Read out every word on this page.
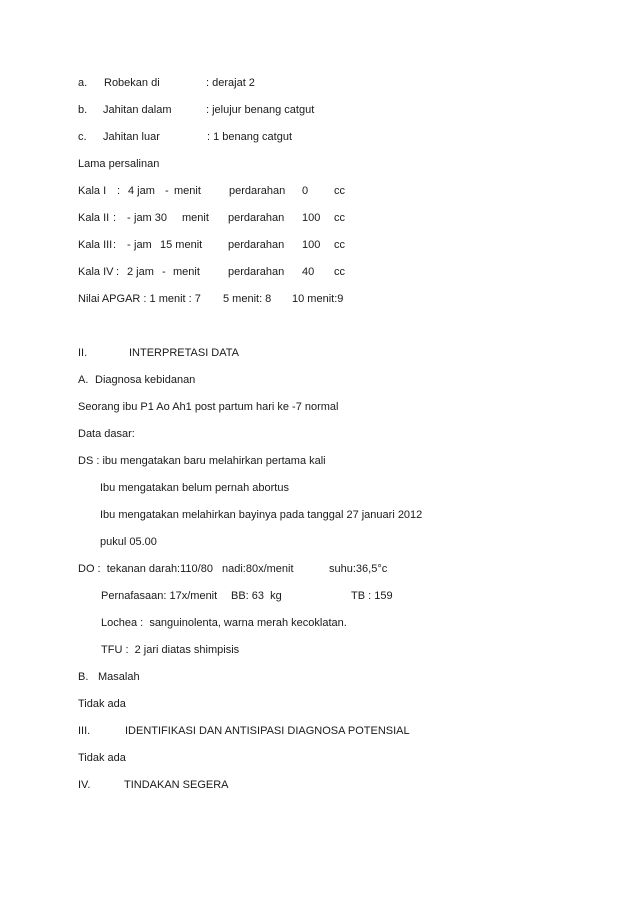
a. Robekan di	: derajat 2
b. Jahitan dalam	: jelujur benang catgut
c. Jahitan luar	: 1 benang catgut
Lama persalinan
Kala I : 4 jam - menit	perdarahan 0 cc
Kala II : - jam 30 menit perdarahan 100 cc
Kala III : - jam 15 menit perdarahan 100 cc
Kala IV : 2 jam - menit	perdarahan 40 cc
Nilai APGAR : 1 menit : 7 5 menit: 8 10 menit:9
II.	INTERPRETASI DATA
A. Diagnosa kebidanan
Seorang ibu P1 Ao Ah1 post partum hari ke -7 normal
Data dasar:
DS : ibu mengatakan baru melahirkan pertama kali
Ibu mengatakan belum pernah abortus
Ibu mengatakan melahirkan bayinya pada tanggal 27 januari 2012
pukul 05.00
DO :  tekanan darah:110/80 nadi:80x/menit	suhu:36,5°c
Pernafasaan: 17x/menit BB: 63  kg	TB : 159
Lochea :  sanguinolenta, warna merah kecoklatan.
TFU :  2 jari diatas shimpisis
B. Masalah
Tidak ada
III.	IDENTIFIKASI DAN ANTISIPASI DIAGNOSA POTENSIAL
Tidak ada
IV.	TINDAKAN SEGERA
